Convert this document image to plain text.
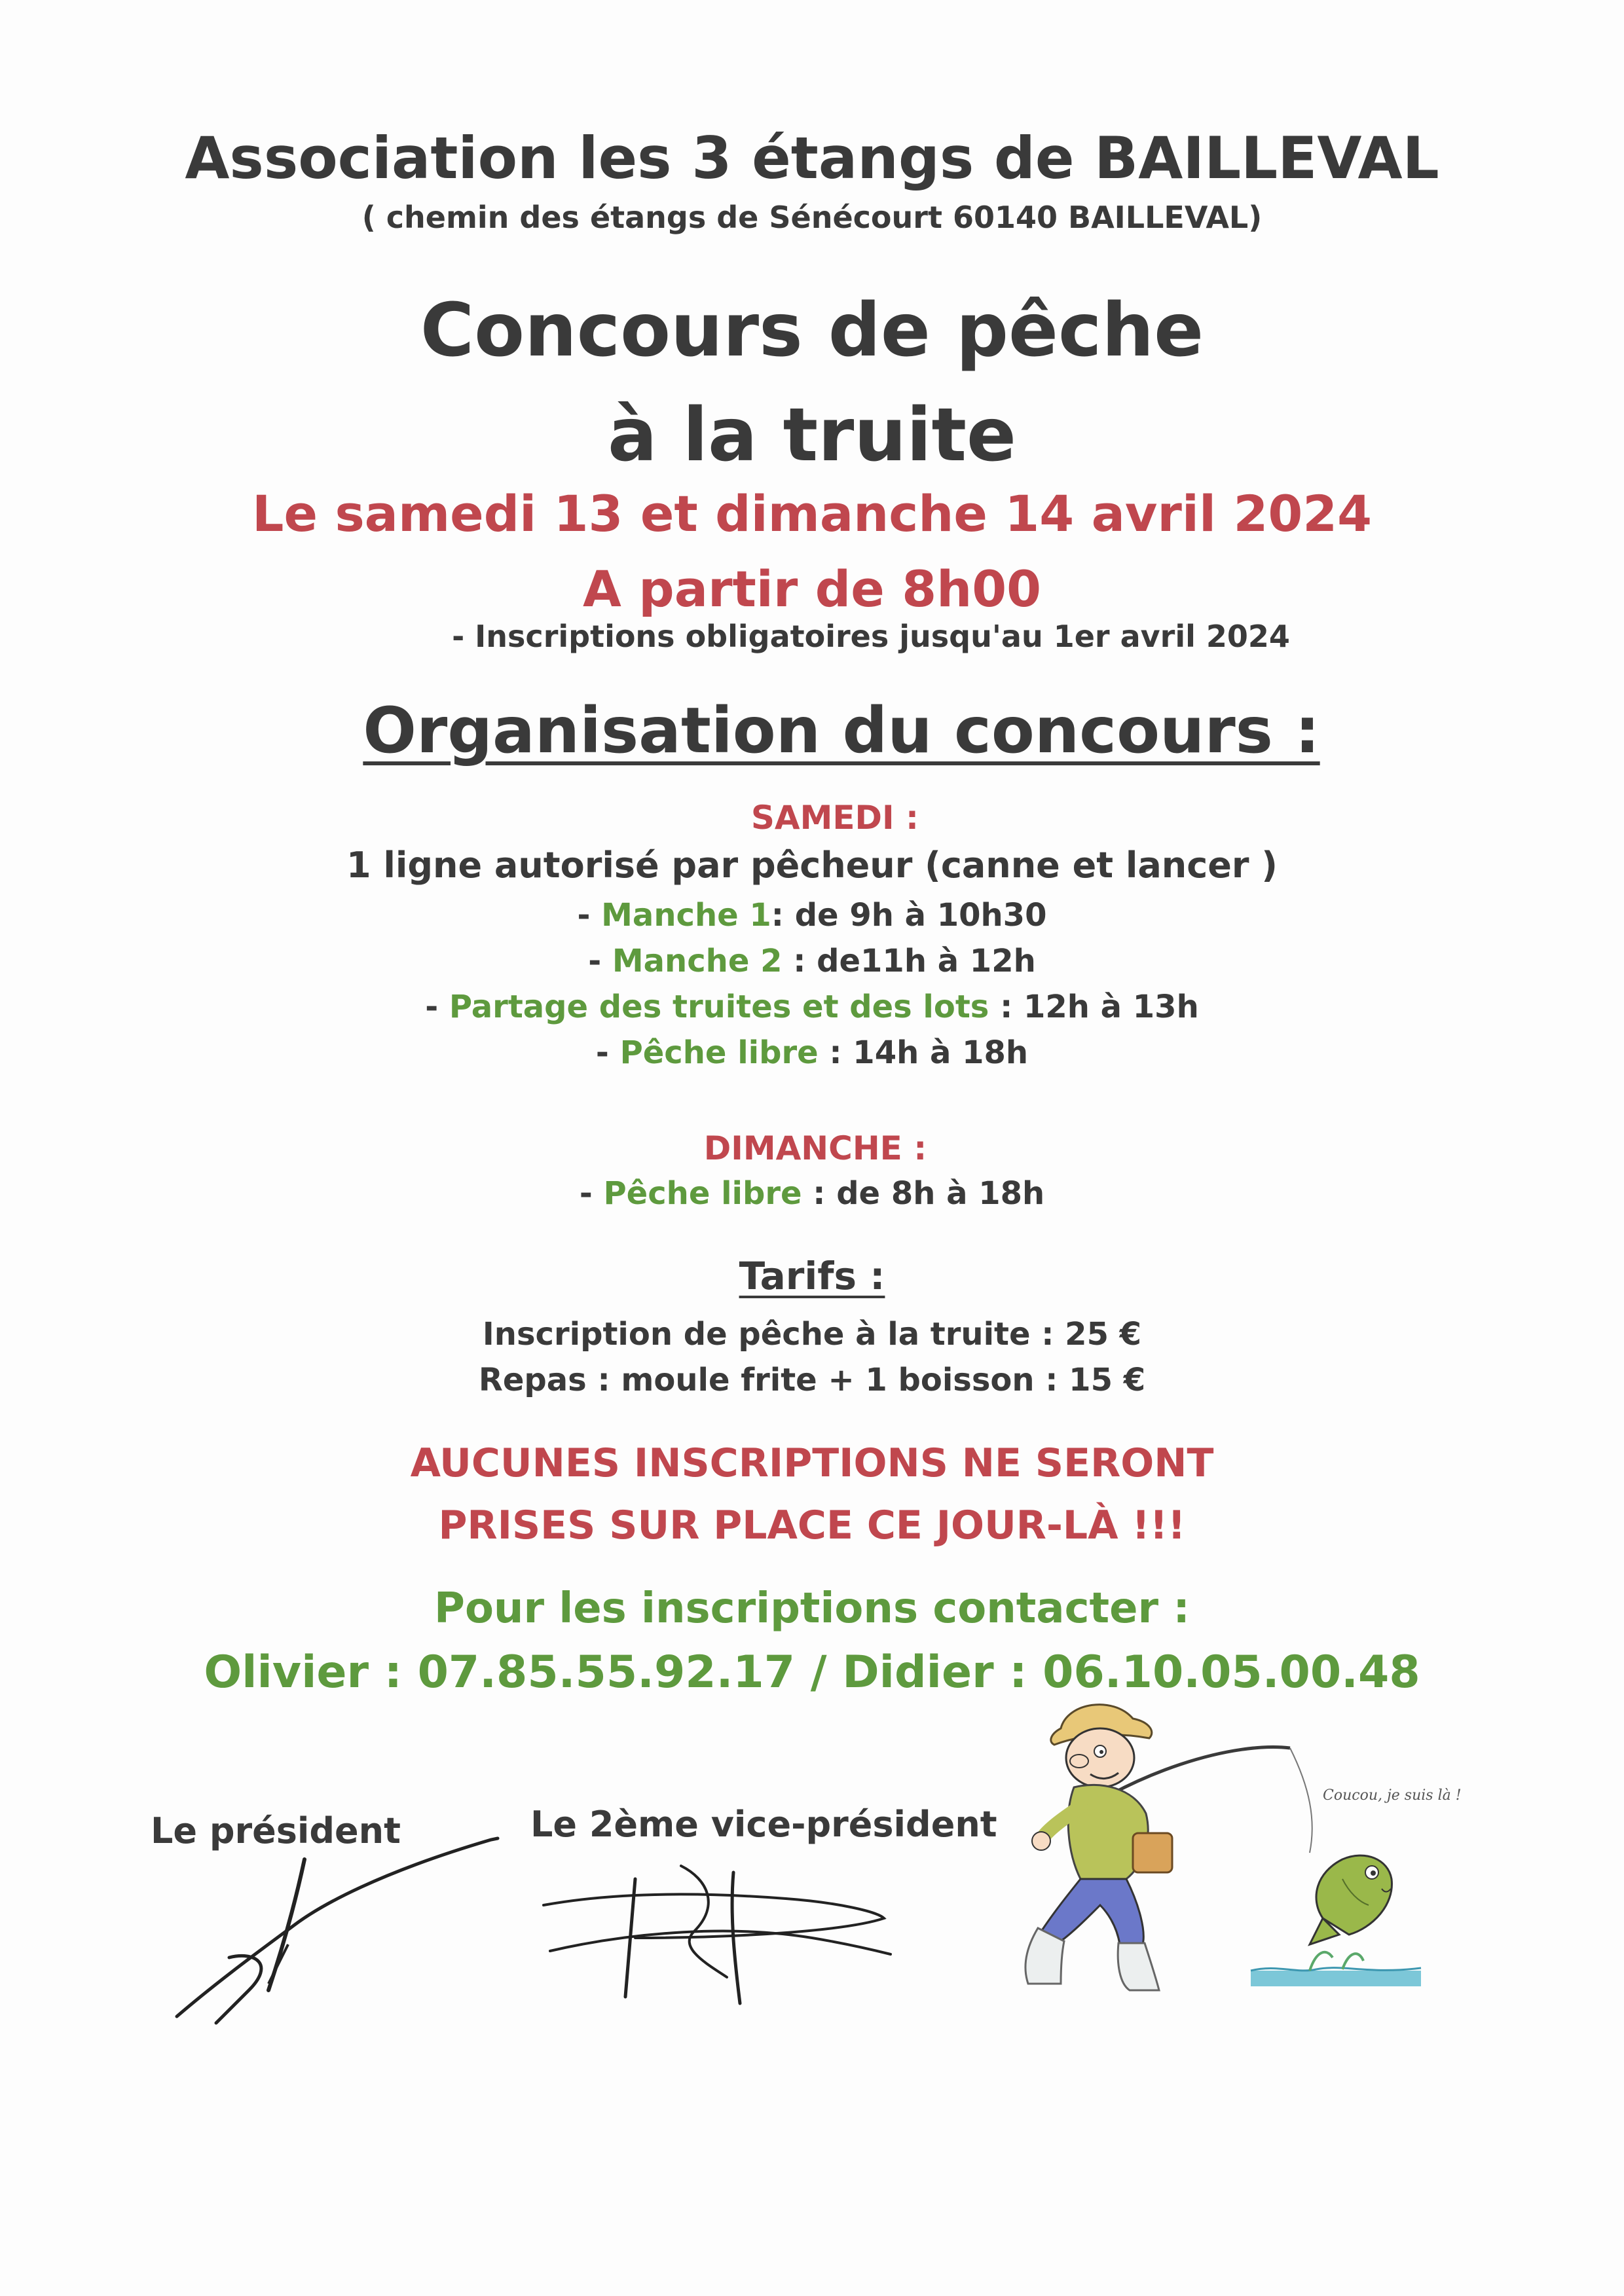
Association les 3 étangs de BAILLEVAL

( chemin des étangs de Sénécourt 60140 BAILLEVAL)

Concours de pêche

à la truite

Le samedi 13 et dimanche 14 avril 2024

A partir de 8h00

- Inscriptions obligatoires jusqu'au 1er avril 2024

Organisation du concours :

SAMEDI :

1 ligne autorisé par pêcheur (canne et lancer )

- Manche 1: de 9h à 10h30

- Manche 2 : de11h à 12h

- Partage des truites et des lots : 12h à 13h

- Pêche libre : 14h à 18h

DIMANCHE :

- Pêche libre : de 8h à 18h

Tarifs :

Inscription de pêche à la truite : 25 €

Repas : moule frite + 1 boisson : 15 €

AUCUNES INSCRIPTIONS NE SERONT

PRISES SUR PLACE CE JOUR-LÀ !!!

Pour les inscriptions contacter :

Olivier : 07.85.55.92.17 / Didier : 06.10.05.00.48

Le président	Le 2ème vice-président

Coucou, je suis là !
